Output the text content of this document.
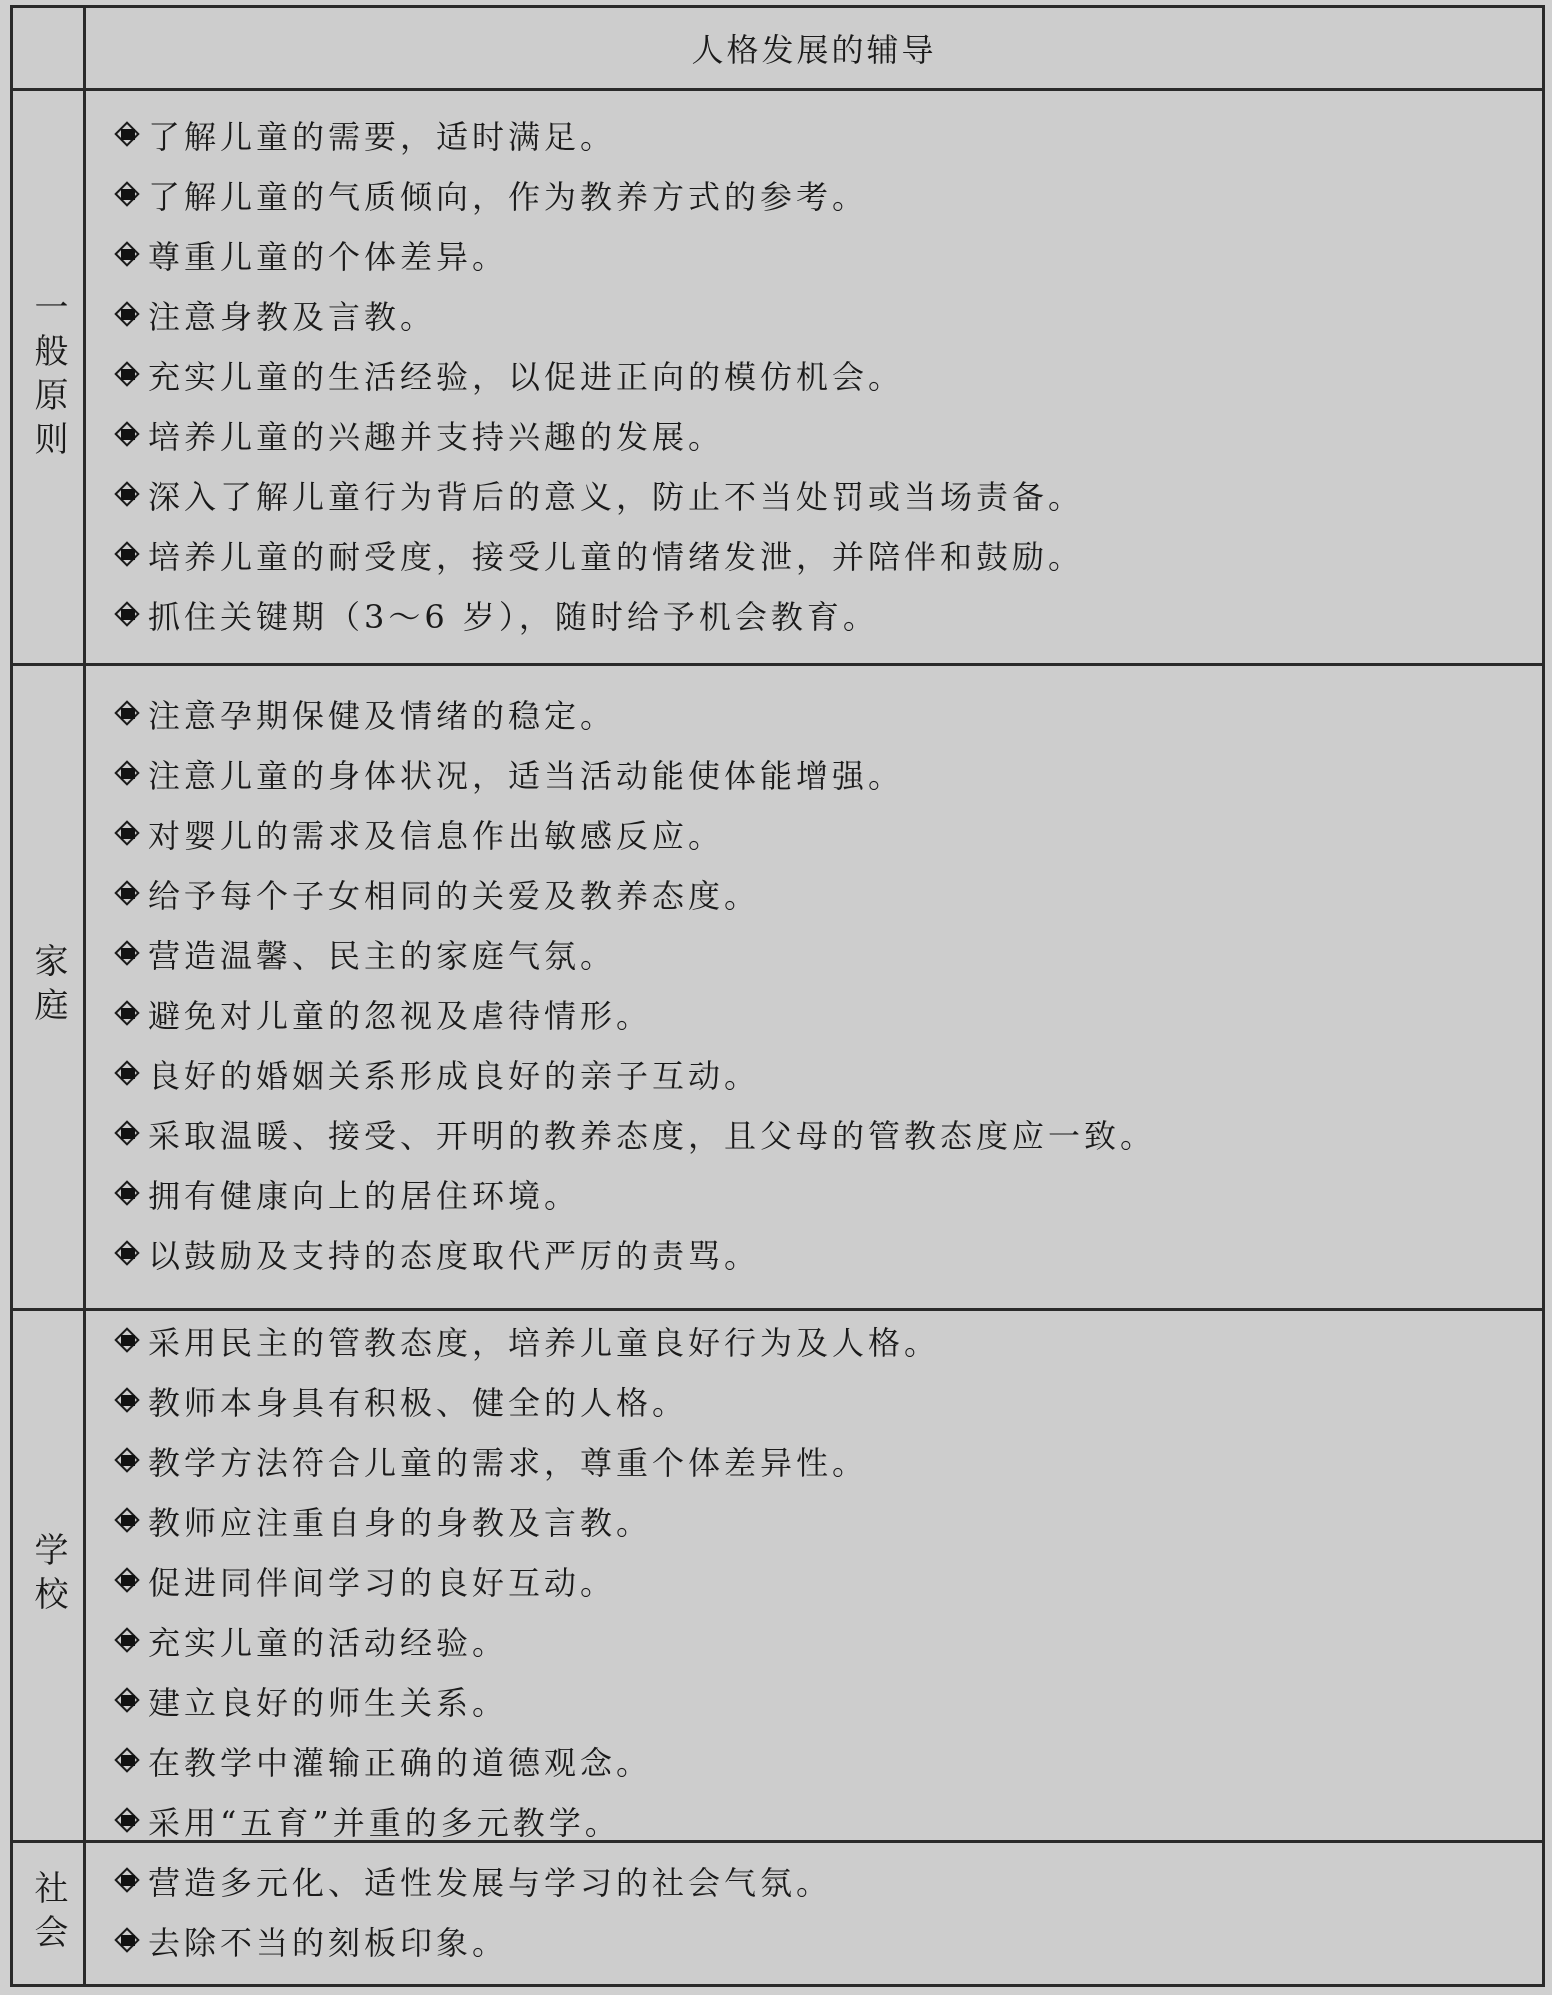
人格发展的辅导
一般原则
了解儿童的需要，适时满足。
了解儿童的气质倾向，作为教养方式的参考。
尊重儿童的个体差异。
注意身教及言教。
充实儿童的生活经验，以促进正向的模仿机会。
培养儿童的兴趣并支持兴趣的发展。
深入了解儿童行为背后的意义，防止不当处罚或当场责备。
培养儿童的耐受度，接受儿童的情绪发泄，并陪伴和鼓励。
抓住关键期（3～6 岁），随时给予机会教育。
家庭
注意孕期保健及情绪的稳定。
注意儿童的身体状况，适当活动能使体能增强。
对婴儿的需求及信息作出敏感反应。
给予每个子女相同的关爱及教养态度。
营造温馨、民主的家庭气氛。
避免对儿童的忽视及虐待情形。
良好的婚姻关系形成良好的亲子互动。
采取温暖、接受、开明的教养态度，且父母的管教态度应一致。
拥有健康向上的居住环境。
以鼓励及支持的态度取代严厉的责骂。
学校
采用民主的管教态度，培养儿童良好行为及人格。
教师本身具有积极、健全的人格。
教学方法符合儿童的需求，尊重个体差异性。
教师应注重自身的身教及言教。
促进同伴间学习的良好互动。
充实儿童的活动经验。
建立良好的师生关系。
在教学中灌输正确的道德观念。
采用“五育”并重的多元教学。
社会	营造多元化、适性发展与学习的社会气氛。
去除不当的刻板印象。
